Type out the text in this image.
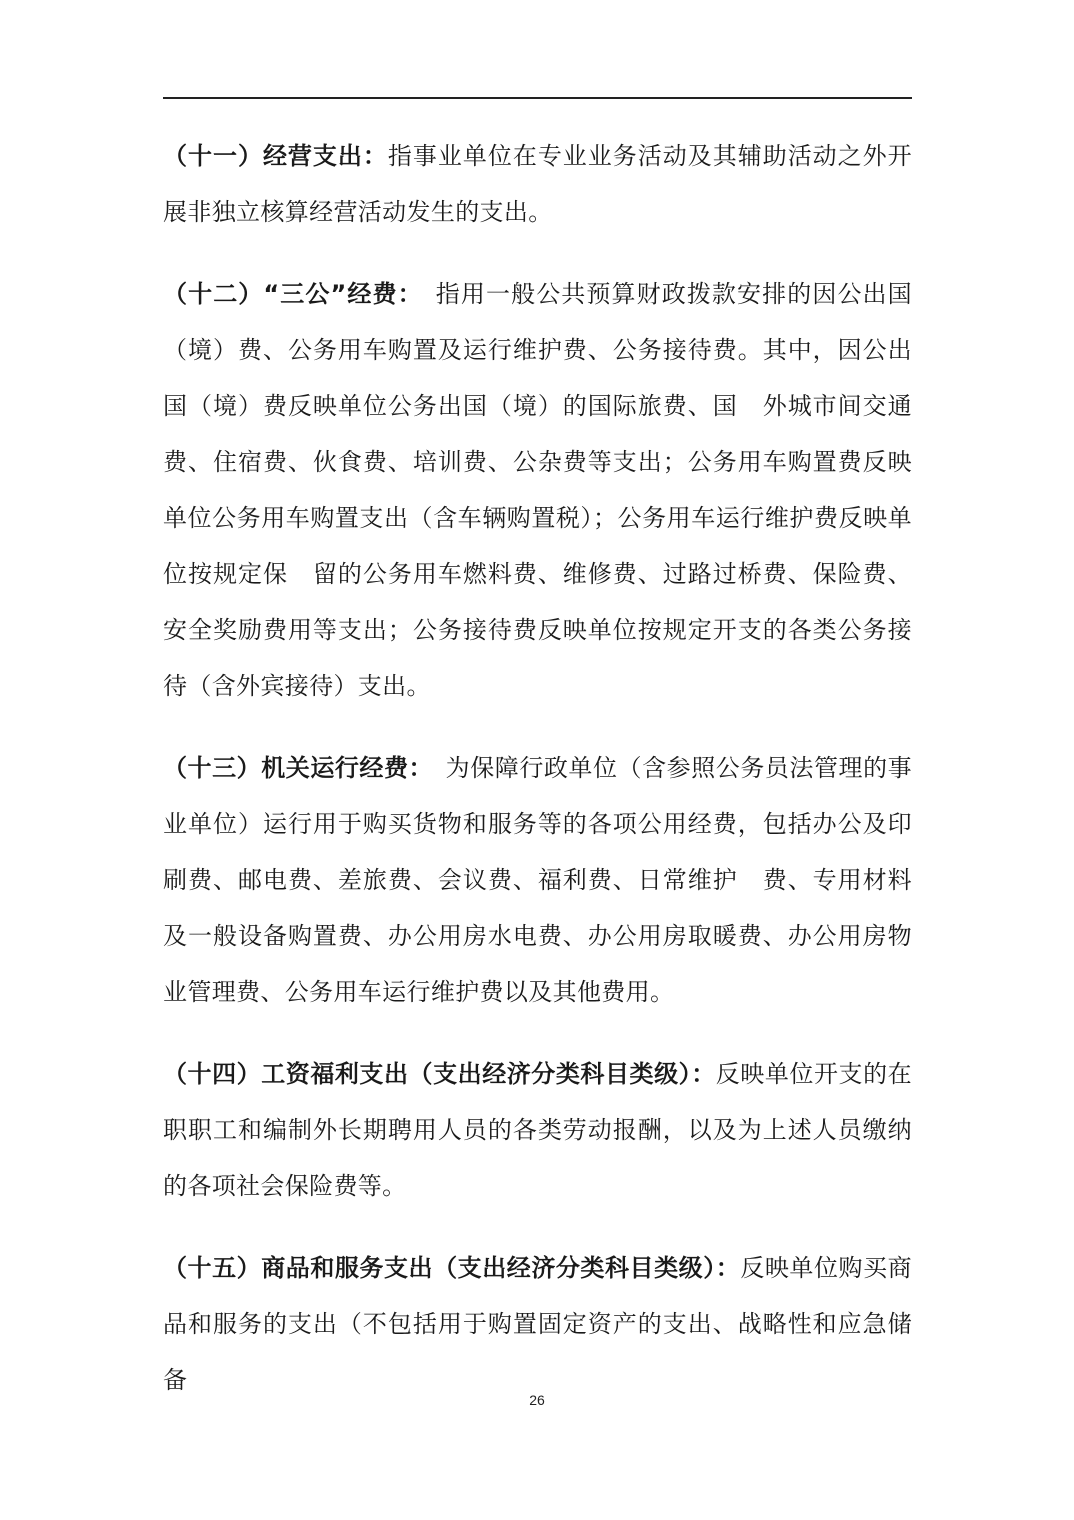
（十一）经营支出：指事业单位在专业业务活动及其辅助活动之外开展非独立核算经营活动发生的支出。

（十二）“三公”经费：　指用一般公共预算财政拨款安排的因公出国（境）费、公务用车购置及运行维护费、公务接待费。其中，因公出国（境）费反映单位公务出国（境）的国际旅费、国　外城市间交通费、住宿费、伙食费、培训费、公杂费等支出；公务用车购置费反映单位公务用车购置支出（含车辆购置税）；公务用车运行维护费反映单位按规定保　留的公务用车燃料费、维修费、过路过桥费、保险费、安全奖励费用等支出；公务接待费反映单位按规定开支的各类公务接待（含外宾接待）支出。

（十三）机关运行经费：　为保障行政单位（含参照公务员法管理的事业单位）运行用于购买货物和服务等的各项公用经费，包括办公及印刷费、邮电费、差旅费、会议费、福利费、日常维护　费、专用材料及一般设备购置费、办公用房水电费、办公用房取暖费、办公用房物业管理费、公务用车运行维护费以及其他费用。

（十四）工资福利支出（支出经济分类科目类级）：反映单位开支的在职职工和编制外长期聘用人员的各类劳动报酬，以及为上述人员缴纳的各项社会保险费等。

（十五）商品和服务支出（支出经济分类科目类级）：反映单位购买商品和服务的支出（不包括用于购置固定资产的支出、战略性和应急储备

26
